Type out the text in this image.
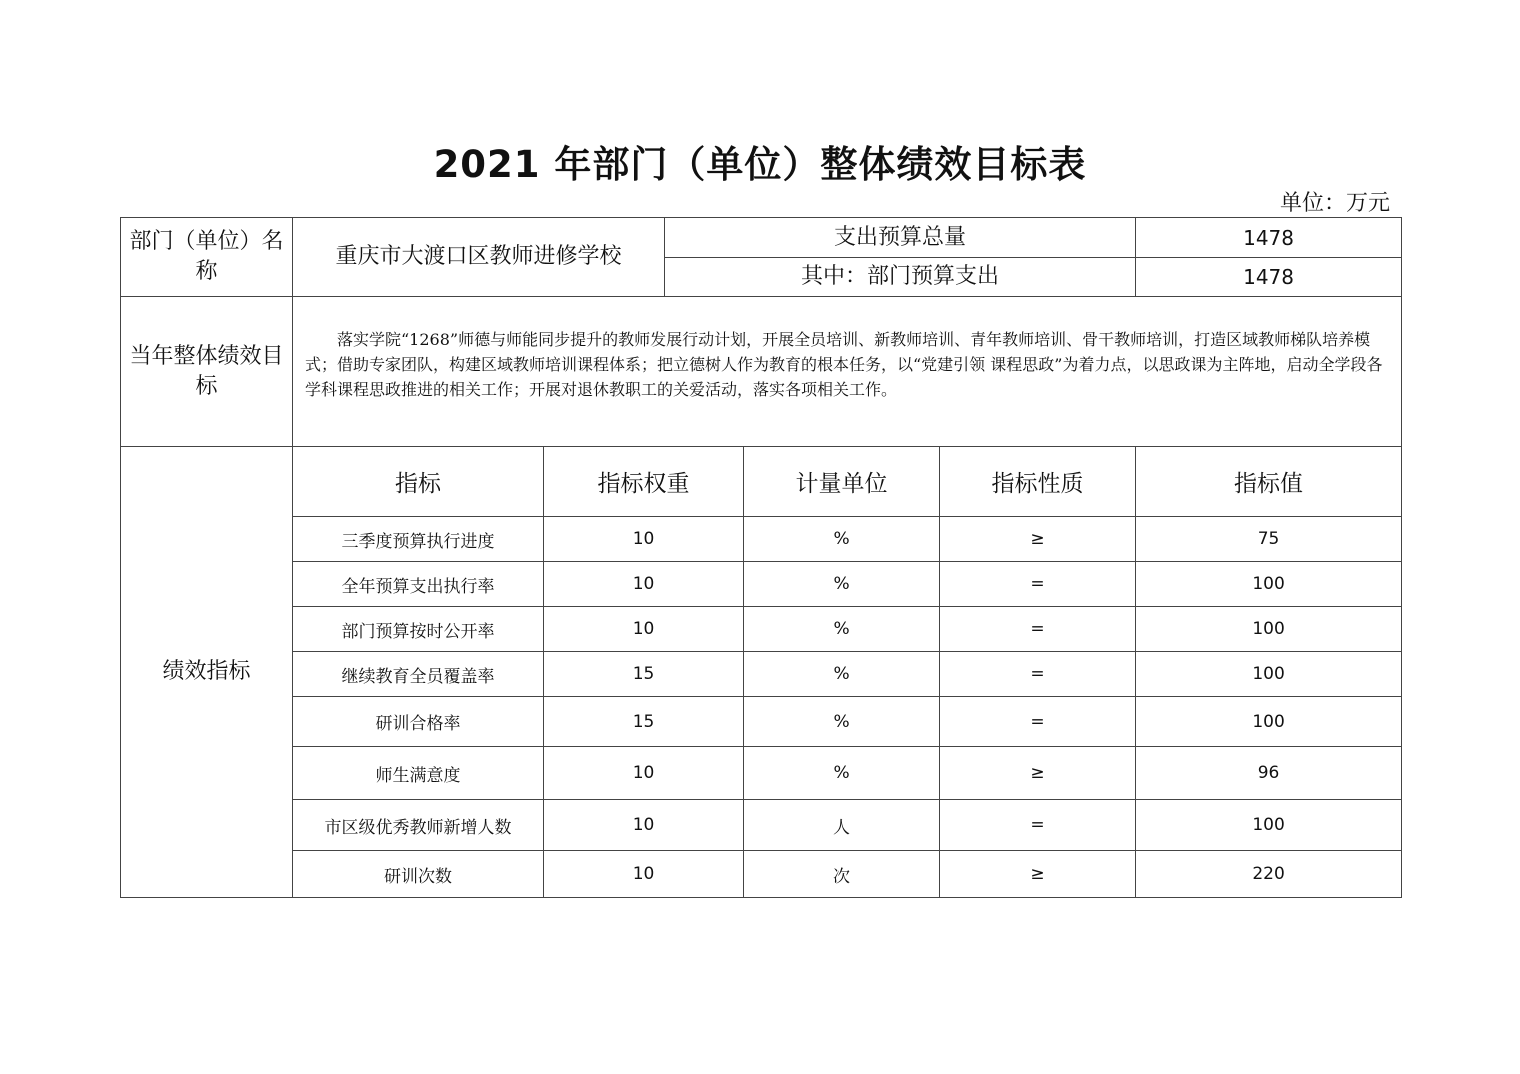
2021 年部门（单位）整体绩效目标表
单位：万元
部门（单位）名称	重庆市大渡口区教师进修学校		支出预算总量			1478
			其中：部门预算支出			1478
当年整体绩效目标	落实学院“1268”师德与师能同步提升的教师发展行动计划，开展全员培训、新教师培训、青年教师培训、骨干教师培训，打造区域教师梯队培养模式；借助专家团队，构建区域教师培训课程体系；把立德树人作为教育的根本任务，以“党建引领 课程思政”为着力点，以思政课为主阵地，启动全学段各学科课程思政推进的相关工作；开展对退休教职工的关爱活动，落实各项相关工作。					

绩效指标	指标	指标权重		计量单位	指标性质	指标值
	三季度预算执行进度	10		%	≥	75
	全年预算支出执行率	10		%	=	100
	部门预算按时公开率	10		%	=	100
	继续教育全员覆盖率	15		%	=	100
	研训合格率	15		%	=	100
	师生满意度	10		%	≥	96
	市区级优秀教师新增人数	10		人	=	100
	研训次数	10		次	≥	220
